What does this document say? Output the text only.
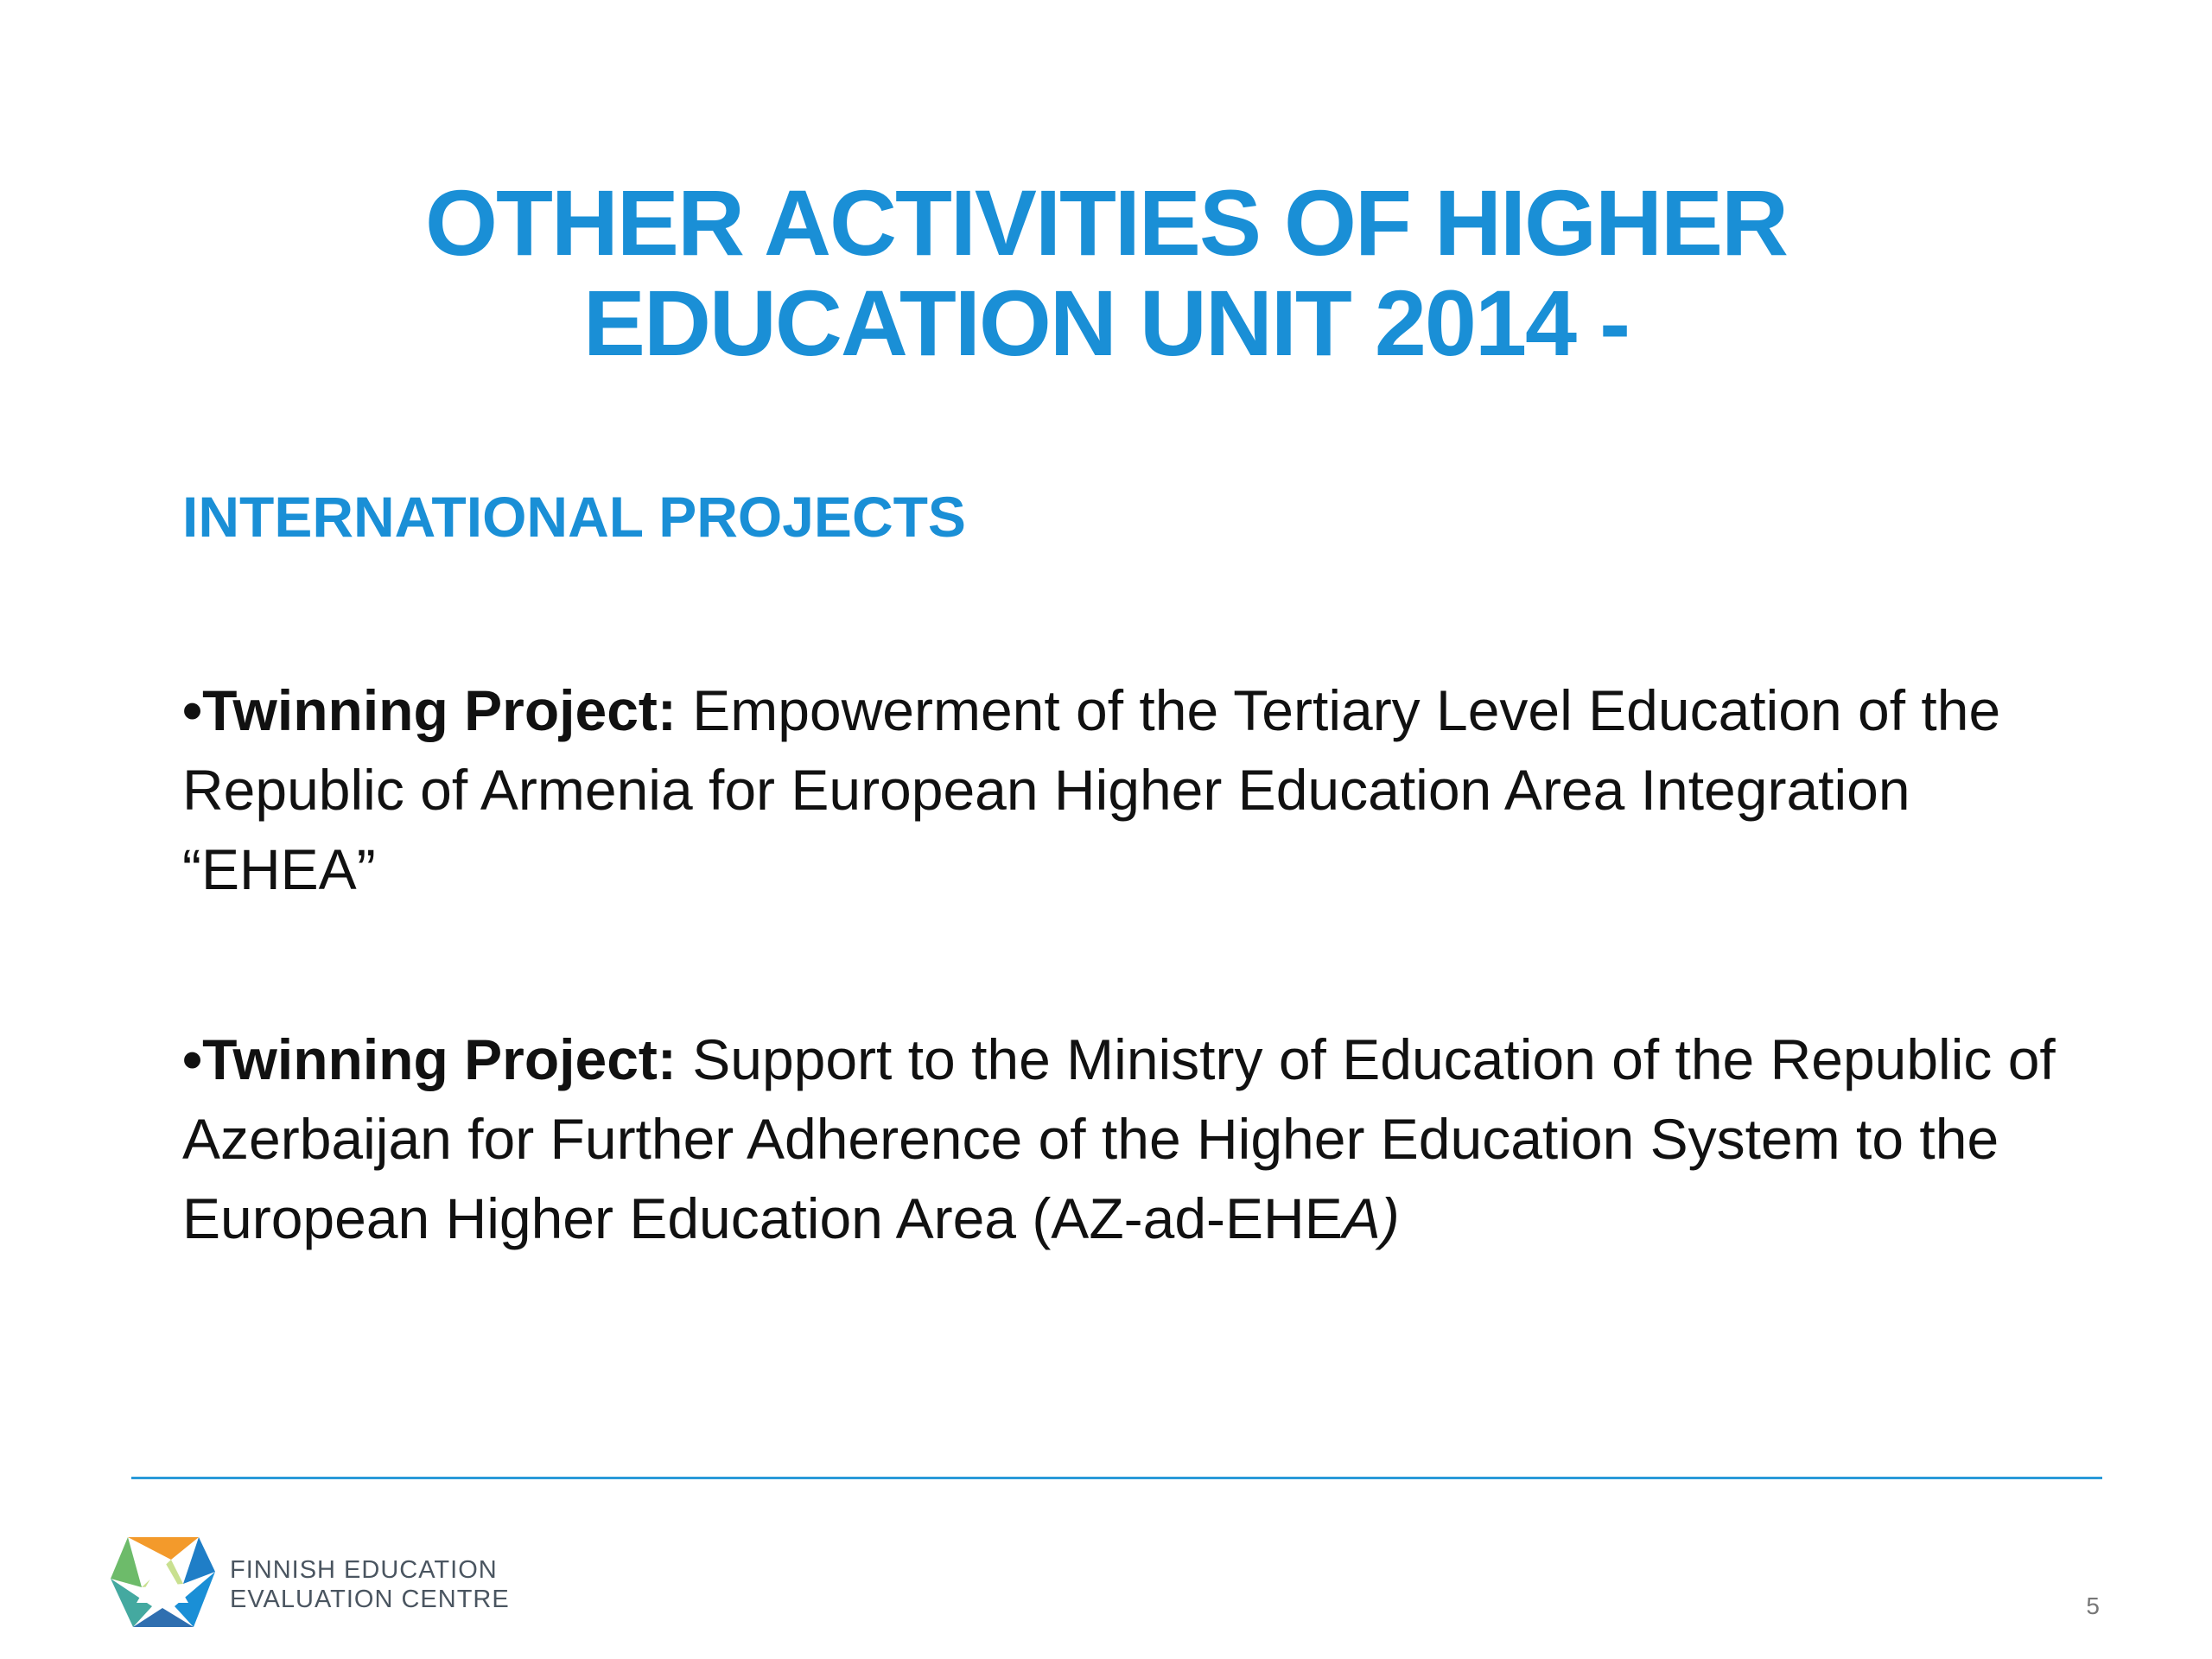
OTHER ACTIVITIES OF HIGHER
EDUCATION UNIT 2014 -
INTERNATIONAL PROJECTS
•Twinning Project: Empowerment of the Tertiary Level Education of the Republic of Armenia for European Higher Education Area Integration “EHEA”
•Twinning Project: Support to the Ministry of Education of the Republic of Azerbaijan for Further Adherence of the Higher Education System to the European Higher Education Area (AZ-ad-EHEA)
FINNISH EDUCATION
EVALUATION CENTRE	5
